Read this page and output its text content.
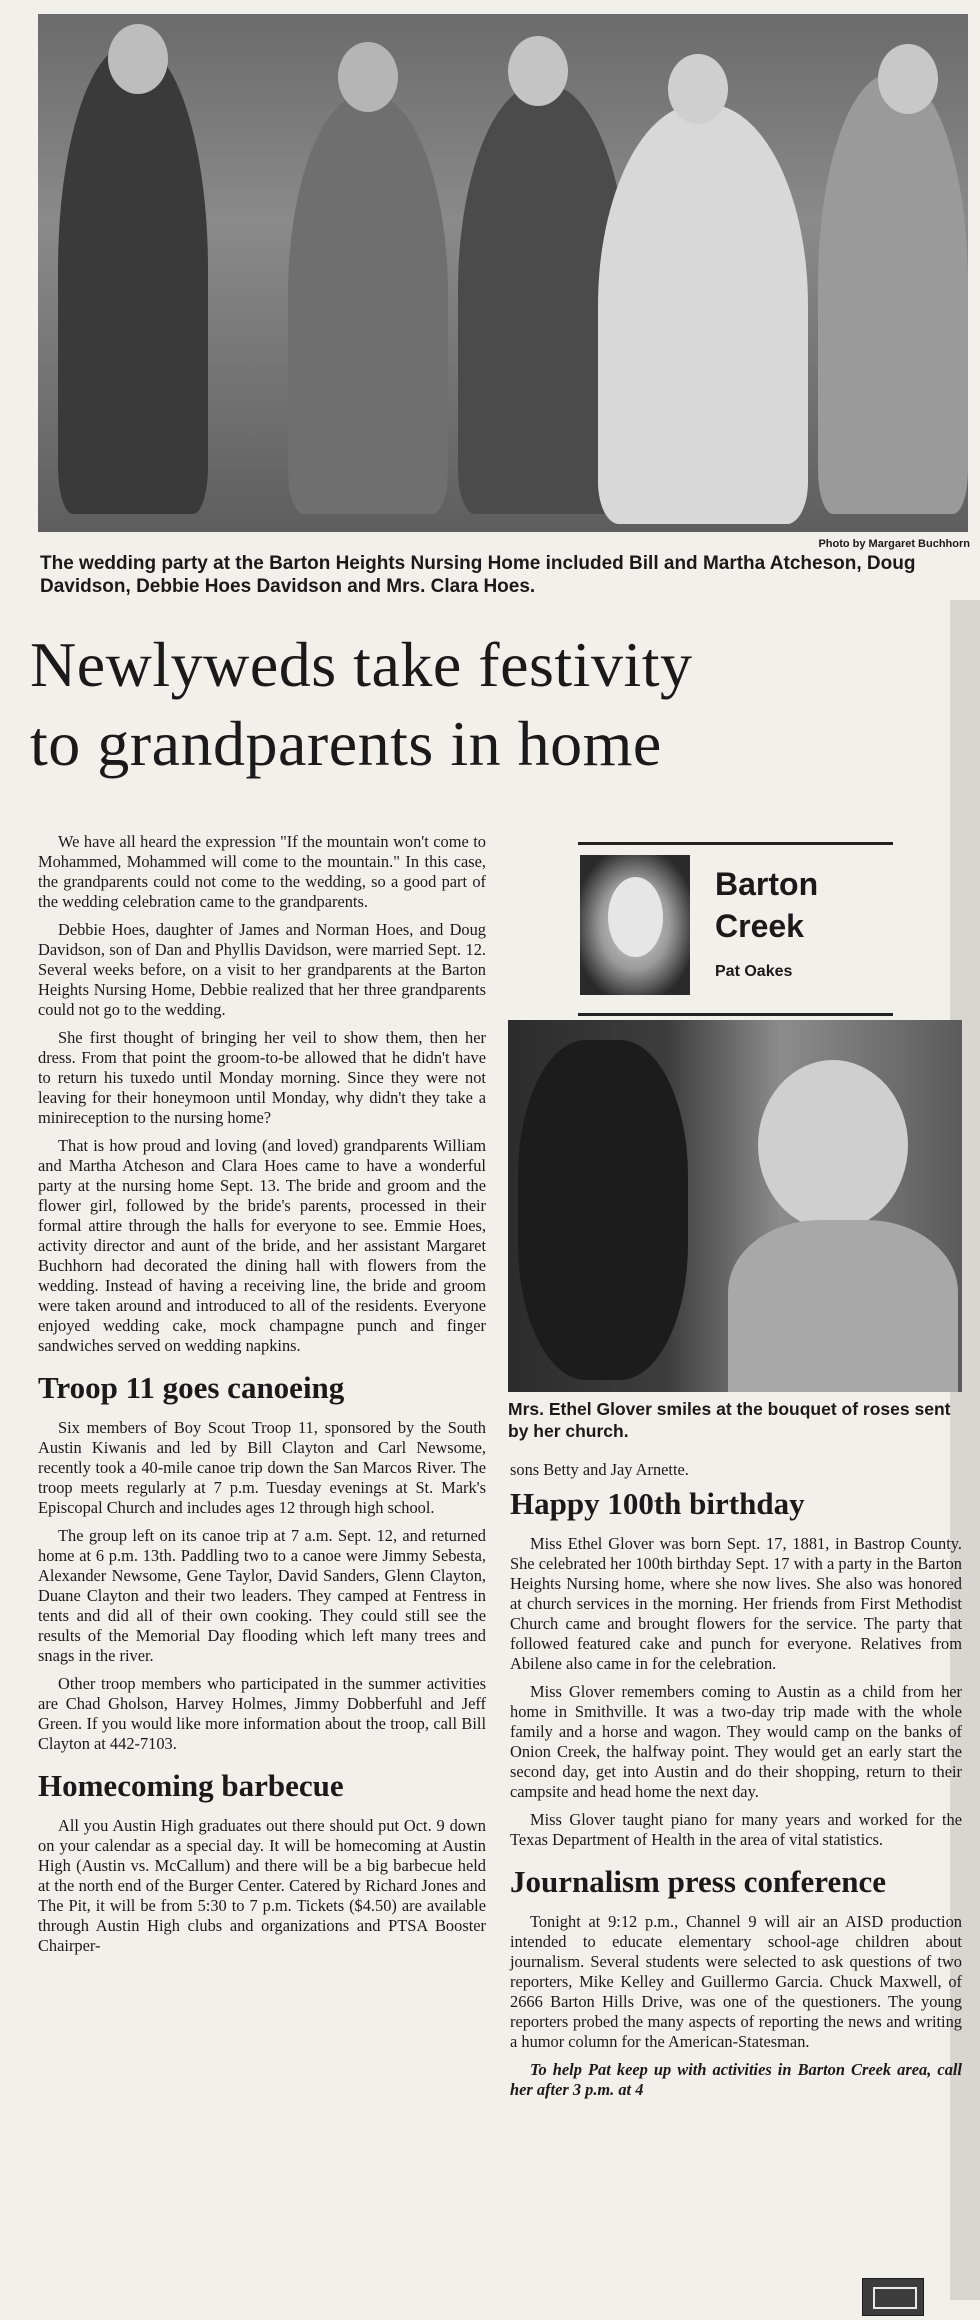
Photo by Margaret Buchhorn
The wedding party at the Barton Heights Nursing Home included Bill and Martha Atcheson, Doug Davidson, Debbie Hoes Davidson and Mrs. Clara Hoes.
Newlyweds take festivity
to grandparents in home

We have all heard the expression "If the mountain won't come to Mohammed, Mohammed will come to the mountain." In this case, the grandparents could not come to the wedding, so a good part of the wedding celebration came to the grandparents.

Debbie Hoes, daughter of James and Norman Hoes, and Doug Davidson, son of Dan and Phyllis Davidson, were married Sept. 12. Several weeks before, on a visit to her grandparents at the Barton Heights Nursing Home, Debbie realized that her three grandparents could not go to the wedding.

She first thought of bringing her veil to show them, then her dress. From that point the groom-to-be allowed that he didn't have to return his tuxedo until Monday morning. Since they were not leaving for their honeymoon until Monday, why didn't they take a minireception to the nursing home?

That is how proud and loving (and loved) grandparents William and Martha Atcheson and Clara Hoes came to have a wonderful party at the nursing home Sept. 13. The bride and groom and the flower girl, followed by the bride's parents, processed in their formal attire through the halls for everyone to see. Emmie Hoes, activity director and aunt of the bride, and her assistant Margaret Buchhorn had decorated the dining hall with flowers from the wedding. Instead of having a receiving line, the bride and groom were taken around and introduced to all of the residents. Everyone enjoyed wedding cake, mock champagne punch and finger sandwiches served on wedding napkins.

Troop 11 goes canoeing

Six members of Boy Scout Troop 11, sponsored by the South Austin Kiwanis and led by Bill Clayton and Carl Newsome, recently took a 40-mile canoe trip down the San Marcos River. The troop meets regularly at 7 p.m. Tuesday evenings at St. Mark's Episcopal Church and includes ages 12 through high school.

The group left on its canoe trip at 7 a.m. Sept. 12, and returned home at 6 p.m. 13th. Paddling two to a canoe were Jimmy Sebesta, Alexander Newsome, Gene Taylor, David Sanders, Glenn Clayton, Duane Clayton and their two leaders. They camped at Fentress in tents and did all of their own cooking. They could still see the results of the Memorial Day flooding which left many trees and snags in the river.

Other troop members who participated in the summer activities are Chad Gholson, Harvey Holmes, Jimmy Dobberfuhl and Jeff Green. If you would like more information about the troop, call Bill Clayton at 442-7103.

Homecoming barbecue

All you Austin High graduates out there should put Oct. 9 down on your calendar as a special day. It will be homecoming at Austin High (Austin vs. McCallum) and there will be a big barbecue held at the north end of the Burger Center. Catered by Richard Jones and The Pit, it will be from 5:30 to 7 p.m. Tickets ($4.50) are available through Austin High clubs and organizations and PTSA Booster Chairper-

Barton
Creek
Pat Oakes
Mrs. Ethel Glover smiles at the bouquet of roses sent by her church.
sons Betty and Jay Arnette.
Happy 100th birthday

Miss Ethel Glover was born Sept. 17, 1881, in Bastrop County. She celebrated her 100th birthday Sept. 17 with a party in the Barton Heights Nursing home, where she now lives. She also was honored at church services in the morning. Her friends from First Methodist Church came and brought flowers for the service. The party that followed featured cake and punch for everyone. Relatives from Abilene also came in for the celebration.

Miss Glover remembers coming to Austin as a child from her home in Smithville. It was a two-day trip made with the whole family and a horse and wagon. They would camp on the banks of Onion Creek, the halfway point. They would get an early start the second day, get into Austin and do their shopping, return to their campsite and head home the next day.

Miss Glover taught piano for many years and worked for the Texas Department of Health in the area of vital statistics.

Journalism press conference

Tonight at 9:12 p.m., Channel 9 will air an AISD production intended to educate elementary school-age children about journalism. Several students were selected to ask questions of two reporters, Mike Kelley and Guillermo Garcia. Chuck Maxwell, of 2666 Barton Hills Drive, was one of the questioners. The young reporters probed the many aspects of reporting the news and writing a humor column for the American-Statesman.

To help Pat keep up with activities in Barton Creek area, call her after 3 p.m. at 4
